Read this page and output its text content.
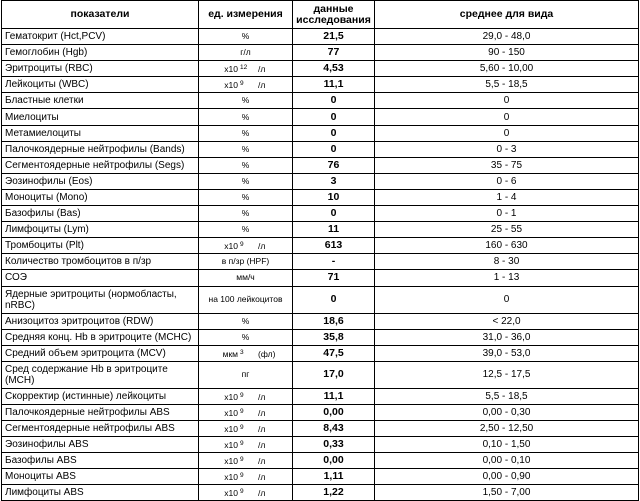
показатели	ед. измерения	данные исследования	среднее для вида
Гематокрит (Hct,PCV)	%	21,5	29,0 - 48,0
Гемоглобин (Hgb)	г/л	77	90 - 150
Эритроциты (RBC)	x10 12 /л	4,53	5,60 - 10,00
Лейкоциты (WBC)	x10 9 /л	11,1	5,5 - 18,5
Бластные клетки	%	0	0
Миелоциты	%	0	0
Метамиелоциты	%	0	0
Палочкоядерные нейтрофилы (Bands)	%	0	0 - 3
Сегментоядерные нейтрофилы (Segs)	%	76	35 - 75
Эозинофилы (Eos)	%	3	0 - 6
Моноциты (Mono)	%	10	1 - 4
Базофилы (Bas)	%	0	0 - 1
Лимфоциты (Lym)	%	11	25 - 55
Тромбоциты (Plt)	x10 9 /л	613	160 - 630
Количество тромбоцитов в п/зр	в п/зр (HPF)	-	8 - 30
СОЭ	мм/ч	71	1 - 13
Ядерные эритроциты (нормобласты, nRBC)	на 100 лейкоцитов	0	0
Анизоцитоз эритроцитов (RDW)	%	18,6	< 22,0
Средняя конц. Hb в эритроците (MCHC)	%	35,8	31,0 - 36,0
Средний объем эритроцита (MCV)	мкм 3 (фл)	47,5	39,0 - 53,0
Сред содержание Hb в эритроците (MCH)	пг	17,0	12,5 - 17,5
Скорректир (истинные) лейкоциты	x10 9 /л	11,1	5,5 - 18,5
Палочкоядерные нейтрофилы ABS	x10 9 /л	0,00	0,00 - 0,30
Сегментоядерные нейтрофилы ABS	x10 9 /л	8,43	2,50 - 12,50
Эозинофилы ABS	x10 9 /л	0,33	0,10 - 1,50
Базофилы ABS	x10 9 /л	0,00	0,00 - 0,10
Моноциты ABS	x10 9 /л	1,11	0,00 - 0,90
Лимфоциты ABS	x10 9 /л	1,22	1,50 - 7,00
